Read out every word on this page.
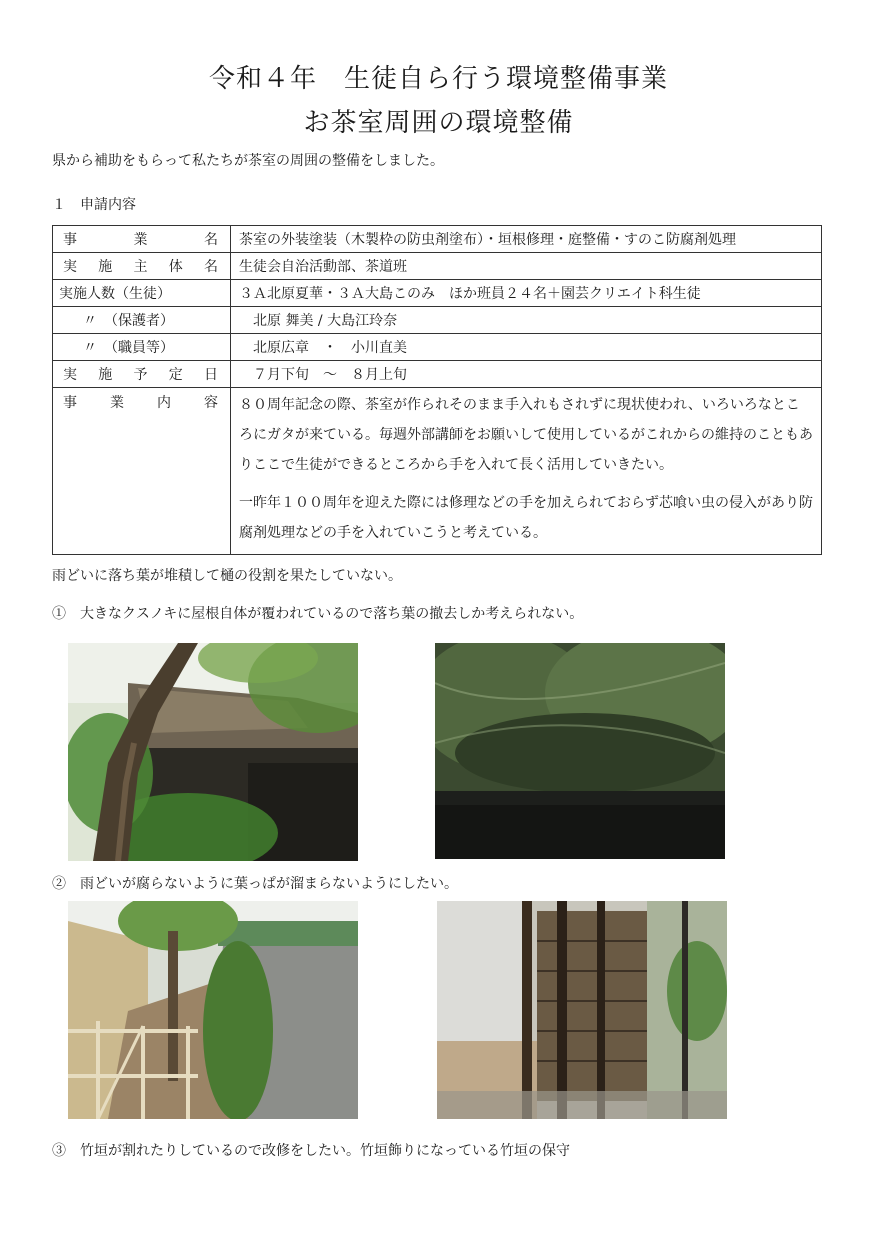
令和４年　生徒自ら行う環境整備事業
お茶室周囲の環境整備
県から補助をもらって私たちが茶室の周囲の整備をしました。
１　申請内容
事業名	茶室の外装塗装（木製枠の防虫剤塗布）・垣根修理・庭整備・すのこ防腐剤処理
実施主体名	生徒会自治活動部、茶道班
実施人数（生徒）	３Ａ北原夏華・３Ａ大島このみ　ほか班員２４名＋園芸クリエイト科生徒
〃　（保護者）	　北原 舞美 / 大島江玲奈
〃　（職員等）	　北原広章　・　小川直美
実施予定日	　７月下旬　～　８月上旬
事業内容	８０周年記念の際、茶室が作られそのまま手入れもされずに現状使われ、いろいろなところにガタが来ている。毎週外部講師をお願いして使用しているがこれからの維持のこともありここで生徒ができるところから手を入れて長く活用していきたい。
一昨年１００周年を迎えた際には修理などの手を加えられておらず芯喰い虫の侵入があり防腐剤処理などの手を入れていこうと考えている。
雨どいに落ち葉が堆積して樋の役割を果たしていない。
①　大きなクスノキに屋根自体が覆われているので落ち葉の撤去しか考えられない。
②　雨どいが腐らないように葉っぱが溜まらないようにしたい。
③　竹垣が割れたりしているので改修をしたい。竹垣飾りになっている竹垣の保守
